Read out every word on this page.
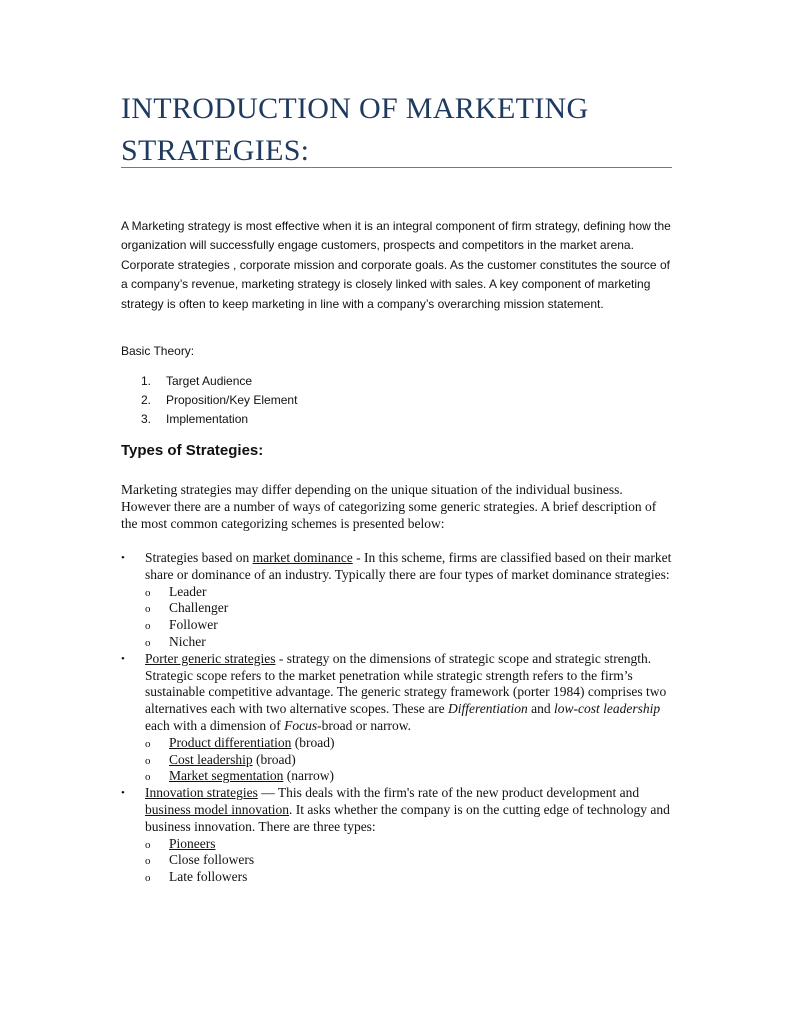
INTRODUCTION OF MARKETING STRATEGIES:

A Marketing strategy is most effective when it is an integral component of firm strategy, defining how the organization will successfully engage customers, prospects and competitors in the market arena. Corporate strategies , corporate mission and corporate goals. As the customer constitutes the source of a company’s revenue, marketing strategy is closely linked with sales. A key component of marketing strategy is often to keep marketing in line with a company’s overarching mission statement.

Basic Theory:

1.	Target Audience
2.	Proposition/Key Element
3.	Implementation
Types of Strategies:

Marketing strategies may differ depending on the unique situation of the individual business. However there are a number of ways of categorizing some generic strategies. A brief description of the most common categorizing schemes is presented below:

•	Strategies based on market dominance - In this scheme, firms are classified based on their market share or dominance of an industry. Typically there are four types of market dominance strategies:
o Leader
o Challenger
o Follower
o Nicher
•	Porter generic strategies - strategy on the dimensions of strategic scope and strategic strength. Strategic scope refers to the market penetration while strategic strength refers to the firm’s sustainable competitive advantage. The generic strategy framework (porter 1984) comprises two alternatives each with two alternative scopes. These are Differentiation and low-cost leadership each with a dimension of Focus-broad or narrow.
o Product differentiation (broad)
o Cost leadership (broad)
o Market segmentation (narrow)
•	Innovation strategies — This deals with the firm's rate of the new product development and business model innovation. It asks whether the company is on the cutting edge of technology and business innovation. There are three types:
o Pioneers
o Close followers
o Late followers
